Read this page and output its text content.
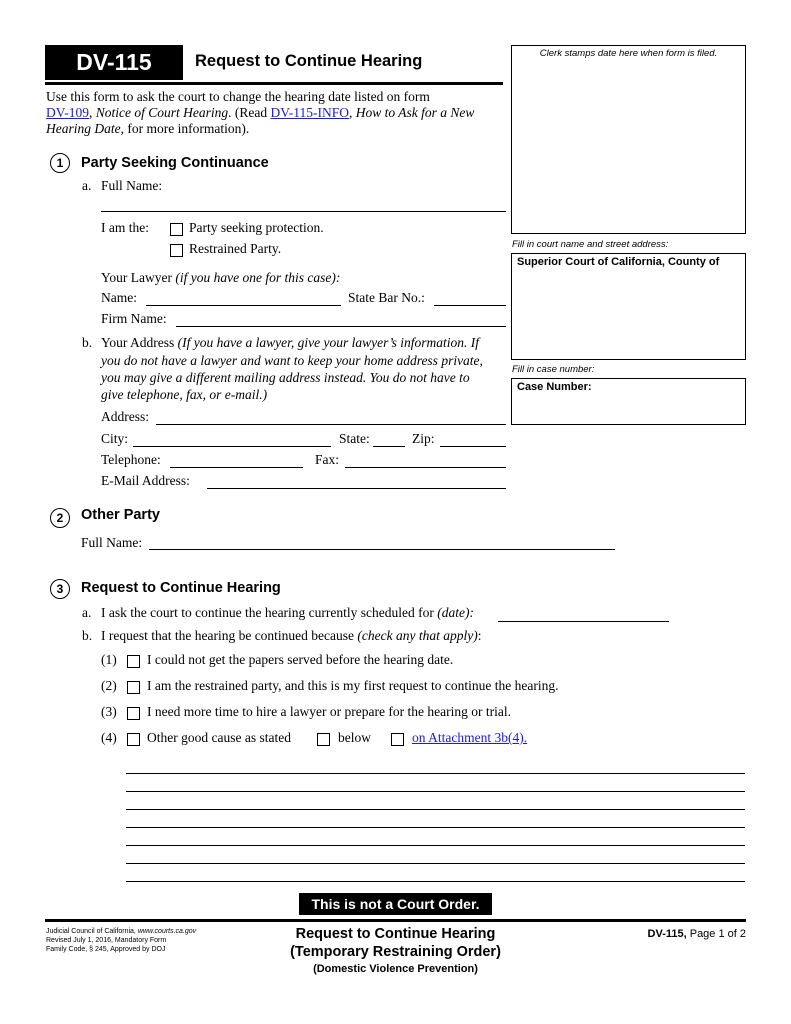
DV-115	Request to Continue Hearing	Clerk stamps date here when form is filed.
Fill in court name and street address:
Superior Court of California, County of
Fill in case number:
Case Number:
Use this form to ask the court to change the hearing date listed on form
DV-109, Notice of Court Hearing. (Read DV-115-INFO, How to Ask for a New
Hearing Date, for more information).
1	Party Seeking Continuance
a. Full Name:
I am the:	Party seeking protection.
Restrained Party.
Your Lawyer (if you have one for this case):
Name:	State Bar No.:
Firm Name:
b. Your Address (If you have a lawyer, give your lawyer’s information. If
you do not have a lawyer and want to keep your home address private,
you may give a different mailing address instead. You do not have to
give telephone, fax, or e-mail.)
Address:
City:	State:	Zip:
Telephone:	Fax:
E-Mail Address:
2	Other Party
Full Name:
3	Request to Continue Hearing
a. I ask the court to continue the hearing currently scheduled for (date):
b. I request that the hearing be continued because (check any that apply):
(1) I could not get the papers served before the hearing date.
(2) I am the restrained party, and this is my first request to continue the hearing.
(3) I need more time to hire a lawyer or prepare for the hearing or trial.
(4) Other good cause as stated	below	on Attachment 3b(4).
This is not a Court Order.
Judicial Council of California, www.courts.ca.gov
Revised July 1, 2016, Mandatory Form
Family Code, § 245, Approved by DOJ
Request to Continue Hearing
(Temporary Restraining Order)
(Domestic Violence Prevention)
DV-115, Page 1 of 2
